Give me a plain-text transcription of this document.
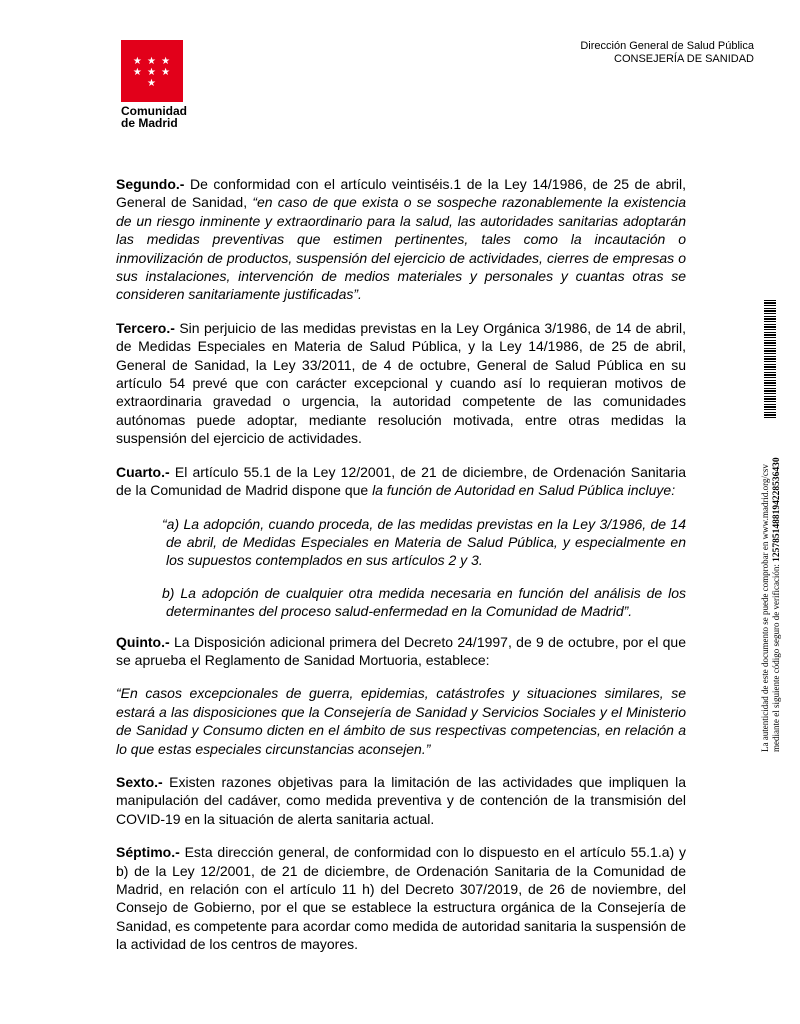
★ ★ ★ ★ ★ ★ ★
Comunidad
de Madrid
Dirección General de Salud Pública
CONSEJERÍA DE SANIDAD

Segundo.- De conformidad con el artículo veintiséis.1 de la Ley 14/1986, de 25 de abril, General de Sanidad, “en caso de que exista o se sospeche razonablemente la existencia de un riesgo inminente y extraordinario para la salud, las autoridades sanitarias adoptarán las medidas preventivas que estimen pertinentes, tales como la incautación o inmovilización de productos, suspensión del ejercicio de actividades, cierres de empresas o sus instalaciones, intervención de medios materiales y personales y cuantas otras se consideren sanitariamente justificadas”.

Tercero.- Sin perjuicio de las medidas previstas en la Ley Orgánica 3/1986, de 14 de abril, de Medidas Especiales en Materia de Salud Pública, y la Ley 14/1986, de 25 de abril, General de Sanidad, la Ley 33/2011, de 4 de octubre, General de Salud Pública en su artículo 54 prevé que con carácter excepcional y cuando así lo requieran motivos de extraordinaria gravedad o urgencia, la autoridad competente de las comunidades autónomas puede adoptar, mediante resolución motivada, entre otras medidas la suspensión del ejercicio de actividades.

Cuarto.- El artículo 55.1 de la Ley 12/2001, de 21 de diciembre, de Ordenación Sanitaria de la Comunidad de Madrid dispone que la función de Autoridad en Salud Pública incluye:

“a) La adopción, cuando proceda, de las medidas previstas en la Ley 3/1986, de 14 de abril, de Medidas Especiales en Materia de Salud Pública, y especialmente en los supuestos contemplados en sus artículos 2 y 3.

b) La adopción de cualquier otra medida necesaria en función del análisis de los determinantes del proceso salud-enfermedad en la Comunidad de Madrid”.

Quinto.- La Disposición adicional primera del Decreto 24/1997, de 9 de octubre, por el que se aprueba el Reglamento de Sanidad Mortuoria, establece:

“En casos excepcionales de guerra, epidemias, catástrofes y situaciones similares, se estará a las disposiciones que la Consejería de Sanidad y Servicios Sociales y el Ministerio de Sanidad y Consumo dicten en el ámbito de sus respectivas competencias, en relación a lo que estas especiales circunstancias aconsejen.”

Sexto.- Existen razones objetivas para la limitación de las actividades que impliquen la manipulación del cadáver, como medida preventiva y de contención de la transmisión del COVID-19 en la situación de alerta sanitaria actual.

Séptimo.- Esta dirección general, de conformidad con lo dispuesto en el artículo 55.1.a) y b) de la Ley 12/2001, de 21 de diciembre, de Ordenación Sanitaria de la Comunidad de Madrid, en relación con el artículo 11 h) del Decreto 307/2019, de 26 de noviembre, del Consejo de Gobierno, por el que se establece la estructura orgánica de la Consejería de Sanidad, es competente para acordar como medida de autoridad sanitaria la suspensión de la actividad de los centros de mayores.

La autenticidad de este documento se puede comprobar en www.madrid.org/csv mediante el siguiente código seguro de verificación: 1257851488194228536430
